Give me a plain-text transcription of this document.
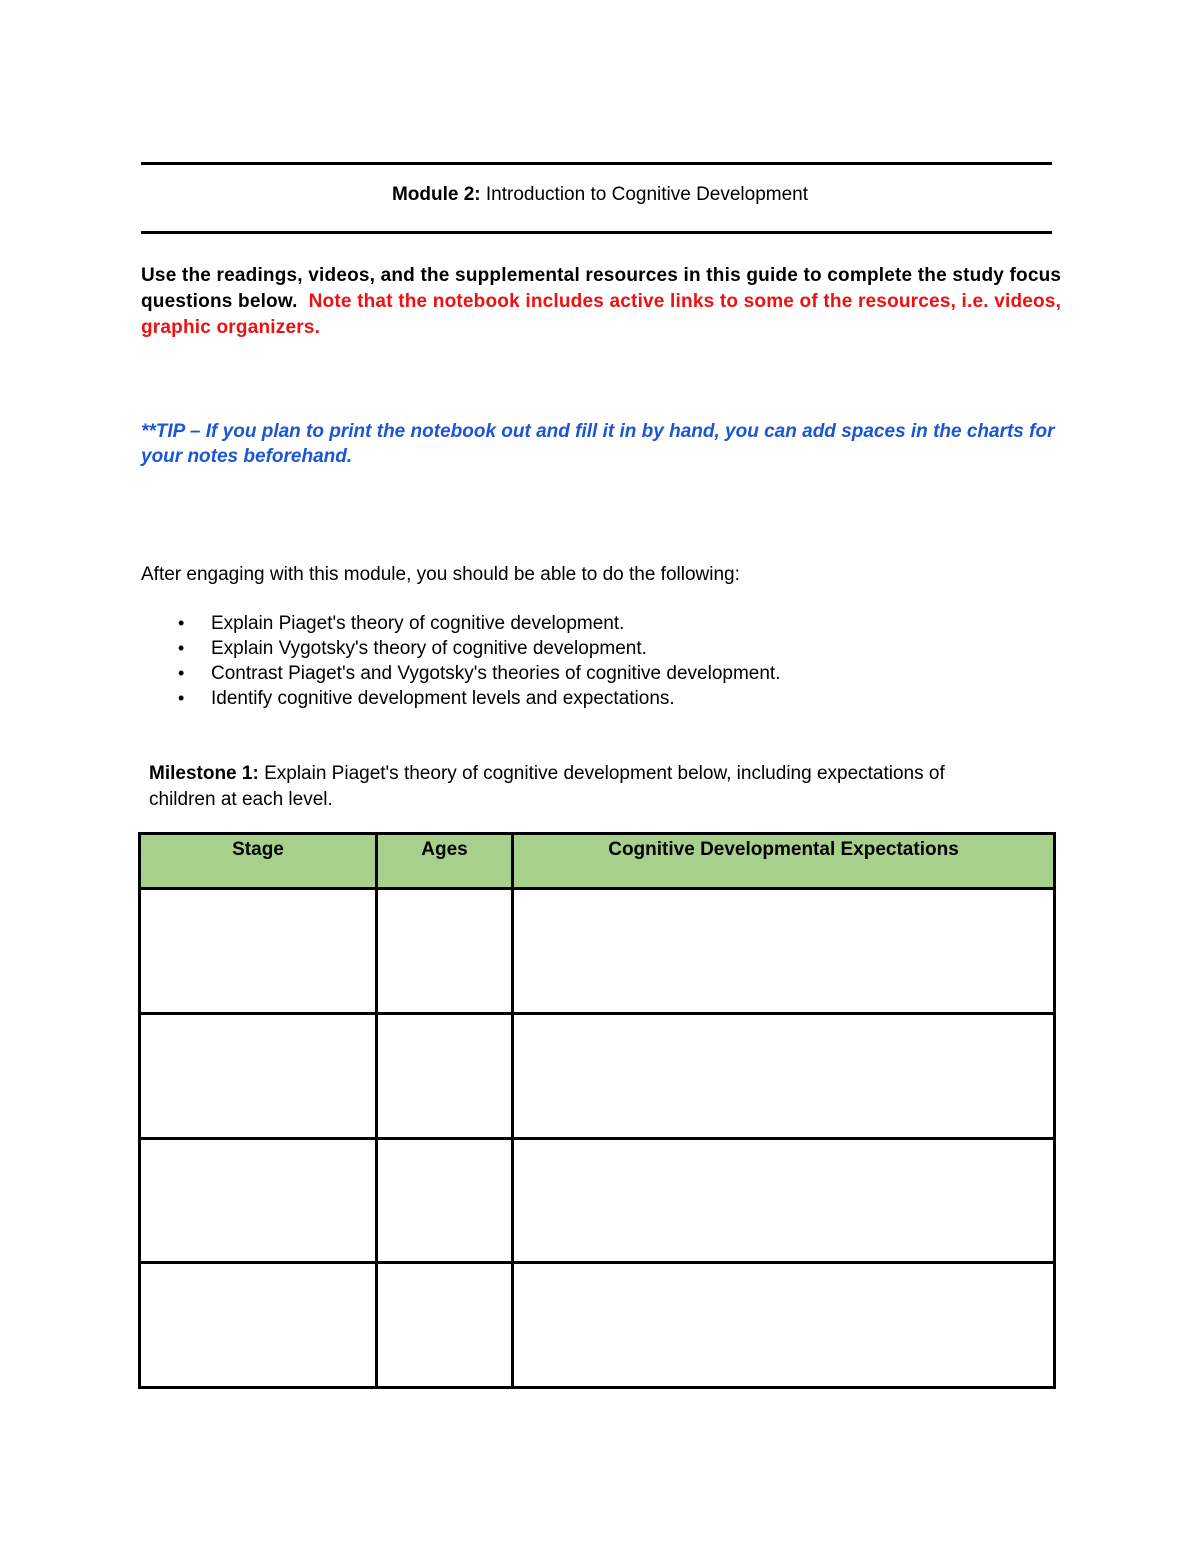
Module 2: Introduction to Cognitive Development
Use the readings, videos, and the supplemental resources in this guide to complete the study focus questions below. Note that the notebook includes active links to some of the resources, i.e. videos, graphic organizers.
**TIP – If you plan to print the notebook out and fill it in by hand, you can add spaces in the charts for your notes beforehand.
After engaging with this module, you should be able to do the following:
• Explain Piaget's theory of cognitive development.
• Explain Vygotsky's theory of cognitive development.
• Contrast Piaget's and Vygotsky's theories of cognitive development.
• Identify cognitive development levels and expectations.
Milestone 1: Explain Piaget's theory of cognitive development below, including expectations of children at each level.
Stage	Ages	Cognitive Developmental Expectations
